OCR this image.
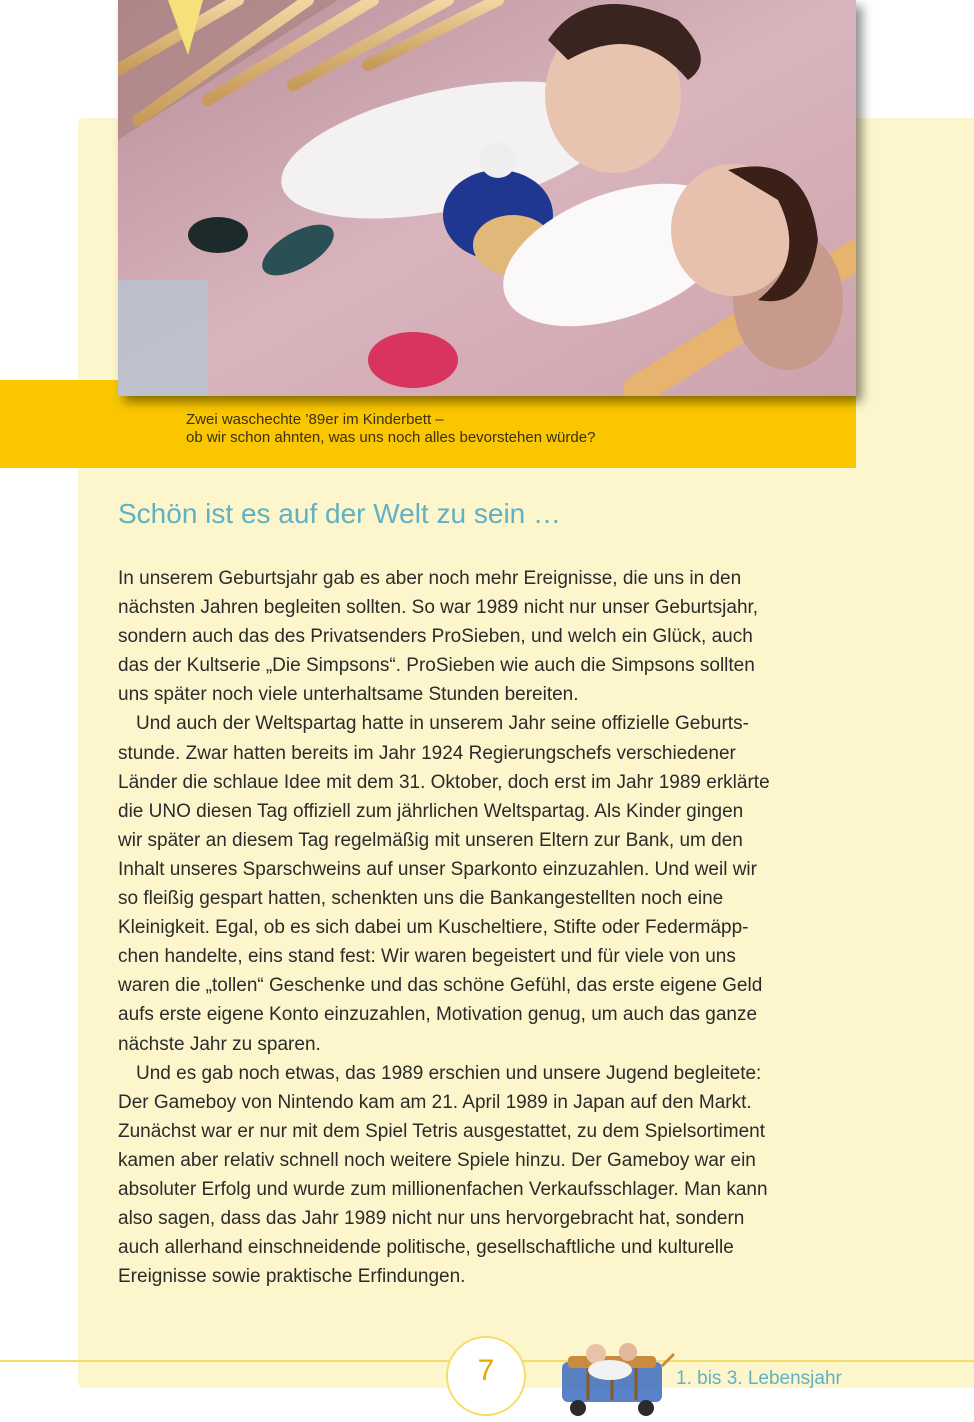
Zwei waschechte ’89er im Kinderbett –
ob wir schon ahnten, was uns noch alles bevorstehen würde?
Schön ist es auf der Welt zu sein …
In unserem Geburtsjahr gab es aber noch mehr Ereignisse, die uns in den
nächsten Jahren begleiten sollten. So war 1989 nicht nur unser Geburtsjahr,
sondern auch das des Privatsenders ProSieben, und welch ein Glück, auch
das der Kultserie „Die Simpsons“. ProSieben wie auch die Simpsons sollten
uns später noch viele unterhaltsame Stunden bereiten.
Und auch der Weltspartag hatte in unserem Jahr seine offizielle Geburts-
stunde. Zwar hatten bereits im Jahr 1924 Regierungschefs verschiedener
Länder die schlaue Idee mit dem 31. Oktober, doch erst im Jahr 1989 erklärte
die UNO diesen Tag offiziell zum jährlichen Weltspartag. Als Kinder gingen
wir später an diesem Tag regelmäßig mit unseren Eltern zur Bank, um den
Inhalt unseres Sparschweins auf unser Sparkonto einzuzahlen. Und weil wir
so fleißig gespart hatten, schenkten uns die Bankangestellten noch eine
Kleinigkeit. Egal, ob es sich dabei um Kuscheltiere, Stifte oder Federmäpp-
chen handelte, eins stand fest: Wir waren begeistert und für viele von uns
waren die „tollen“ Geschenke und das schöne Gefühl, das erste eigene Geld
aufs erste eigene Konto einzuzahlen, Motivation genug, um auch das ganze
nächste Jahr zu sparen.
Und es gab noch etwas, das 1989 erschien und unsere Jugend begleitete:
Der Gameboy von Nintendo kam am 21. April 1989 in Japan auf den Markt.
Zunächst war er nur mit dem Spiel Tetris ausgestattet, zu dem Spielsortiment
kamen aber relativ schnell noch weitere Spiele hinzu. Der Gameboy war ein
absoluter Erfolg und wurde zum millionenfachen Verkaufsschlager. Man kann
also sagen, dass das Jahr 1989 nicht nur uns hervorgebracht hat, sondern
auch allerhand einschneidende politische, gesellschaftliche und kulturelle
Ereignisse sowie praktische Erfindungen.
7	1. bis 3. Lebensjahr
